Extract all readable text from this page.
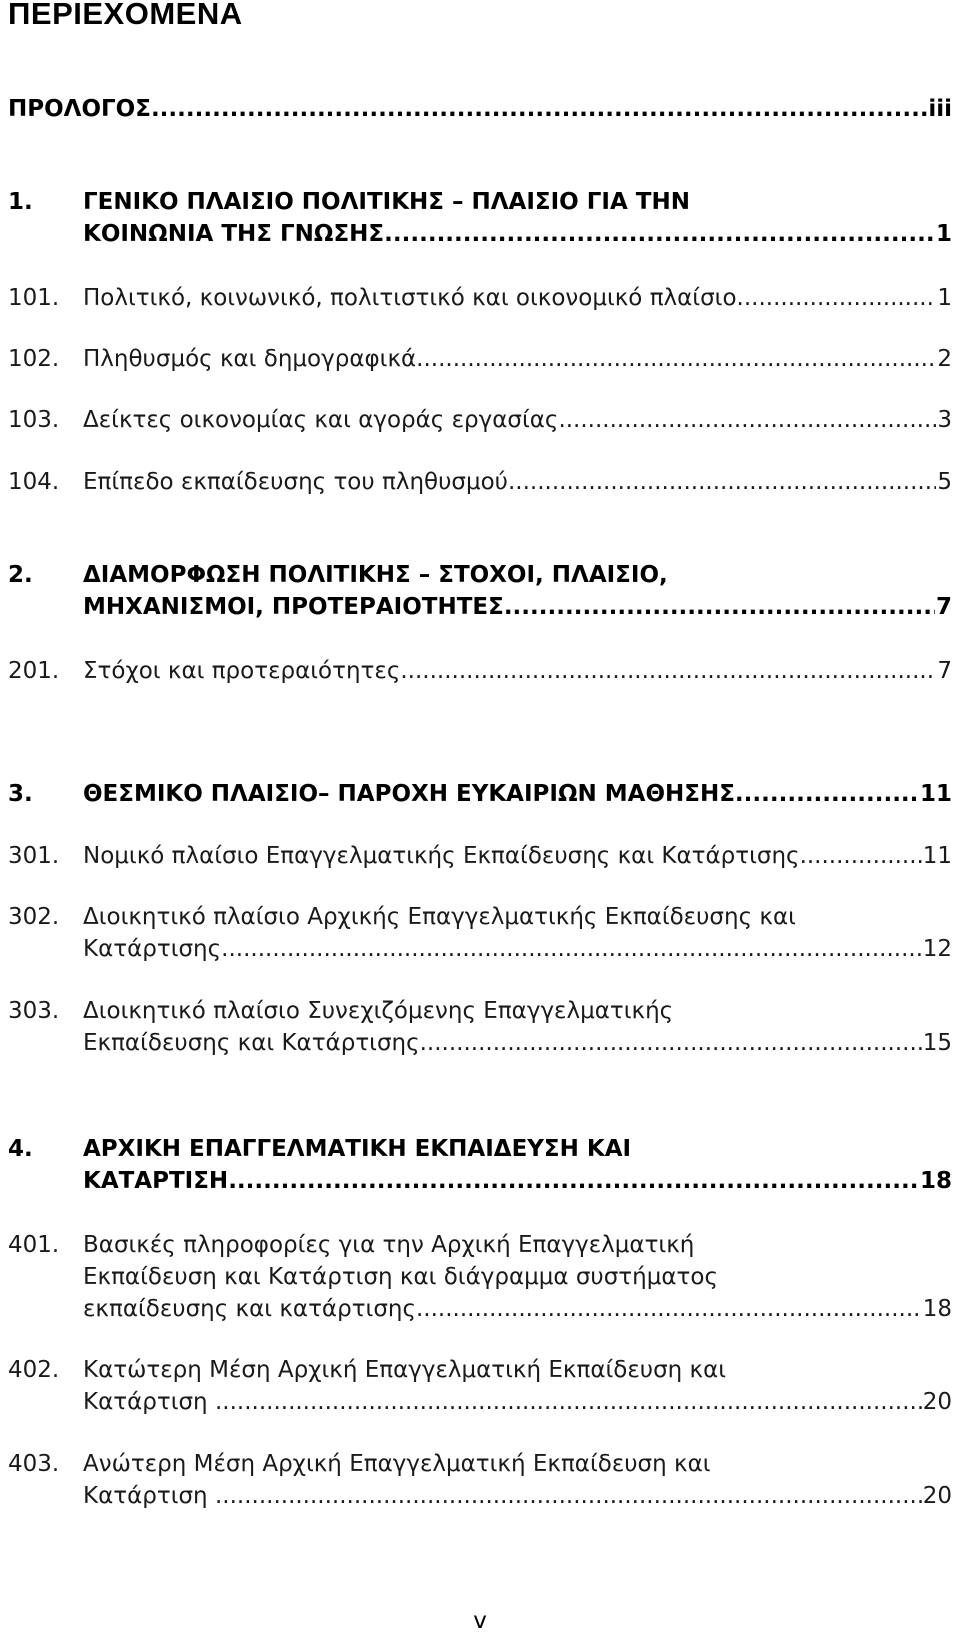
ΠΕΡΙΕΧΟΜΕΝΑ
ΠΡΟΛΟΓΟΣ .....	iii
1. ΓΕΝΙΚΟ ΠΛΑΙΣΙΟ ΠΟΛΙΤΙΚΗΣ – ΠΛΑΙΣΙΟ ΓΙΑ ΤΗΝ
ΚΟΙΝΩΝΙΑ ΤΗΣ ΓΝΩΣΗΣ .....	1
101. Πολιτικό, κοινωνικό, πολιτιστικό και οικονομικό πλαίσιο .....	1
102. Πληθυσμός και δημογραφικά .....	2
103. Δείκτες οικονομίας και αγοράς εργασίας .....	3
104. Επίπεδο εκπαίδευσης του πληθυσμού .....	5
2. ΔΙΑΜΟΡΦΩΣΗ ΠΟΛΙΤΙΚΗΣ – ΣΤΟΧΟΙ, ΠΛΑΙΣΙΟ,
ΜΗΧΑΝΙΣΜΟΙ, ΠΡΟΤΕΡΑΙΟΤΗΤΕΣ .....	7
201. Στόχοι και προτεραιότητες .....	7
3. ΘΕΣΜΙΚΟ ΠΛΑΙΣΙΟ– ΠΑΡΟΧΗ ΕΥΚΑΙΡΙΩΝ ΜΑΘΗΣΗΣ .....	11
301. Νομικό πλαίσιο Επαγγελματικής Εκπαίδευσης και Κατάρτισης .....	11
302. Διοικητικό πλαίσιο Αρχικής Επαγγελματικής Εκπαίδευσης και
Κατάρτισης .....	12
303. Διοικητικό πλαίσιο Συνεχιζόμενης Επαγγελματικής
Εκπαίδευσης και Κατάρτισης .....	15
4. ΑΡΧΙΚΗ ΕΠΑΓΓΕΛΜΑΤΙΚΗ ΕΚΠΑΙΔΕΥΣΗ ΚΑΙ
ΚΑΤΑΡΤΙΣΗ .....	18
401. Βασικές πληροφορίες για την Αρχική Επαγγελματική
Εκπαίδευση και Κατάρτιση και διάγραμμα συστήματος
εκπαίδευσης και κατάρτισης .....	18
402. Κατώτερη Μέση Αρχική Επαγγελματική Εκπαίδευση και
Κατάρτιση .....	20
403. Ανώτερη Μέση Αρχική Επαγγελματική Εκπαίδευση και
Κατάρτιση .....	20
v
